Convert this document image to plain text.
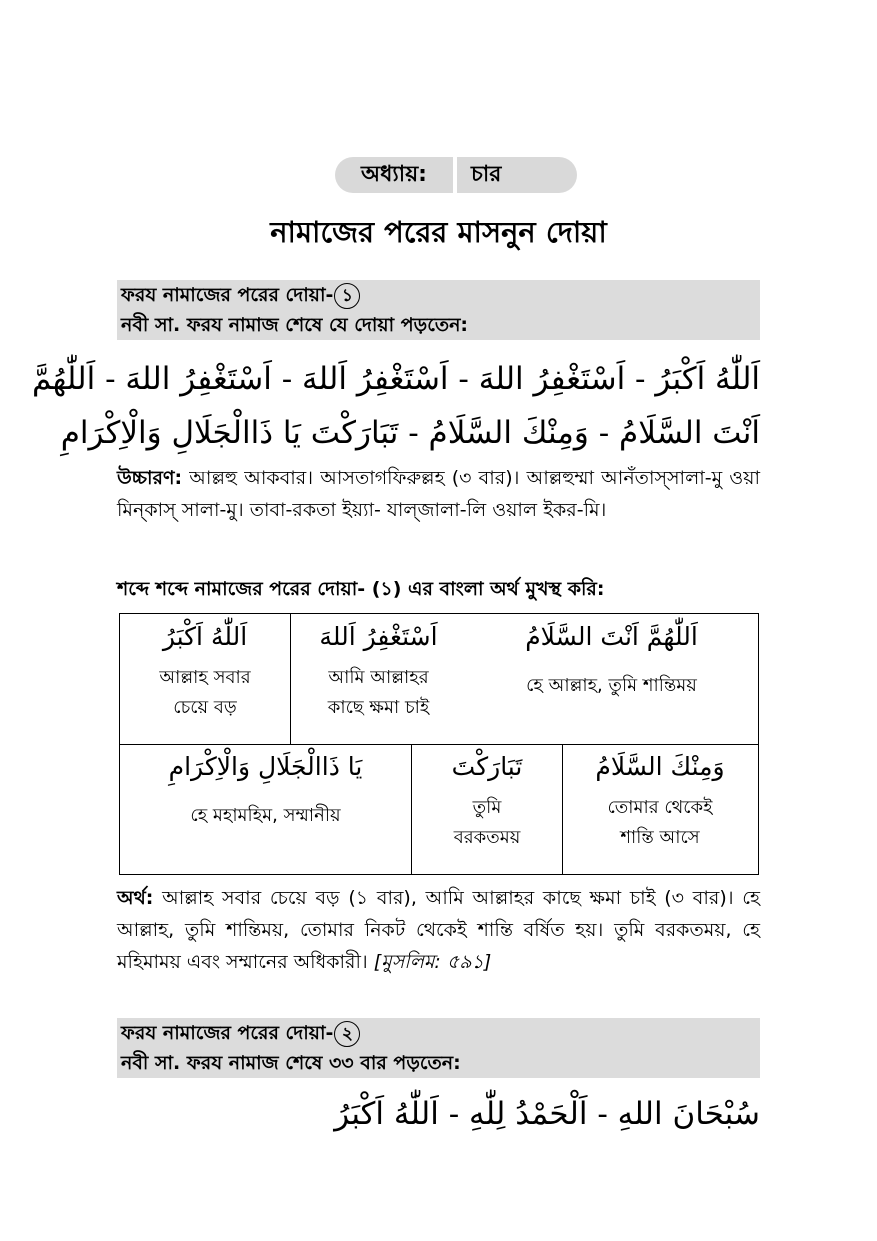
অধ্যায়:	চার
নামাজের পরের মাসনুন দোয়া
ফরয নামাজের পরের দোয়া- ১
নবী সা. ফরয নামাজ শেষে যে দোয়া পড়তেন:
اَللّٰهُ اَكْبَرُ - اَسْتَغْفِرُ اللهَ - اَسْتَغْفِرُ اَللهَ - اَسْتَغْفِرُ اللهَ - اَللّٰهُمَّ
اَنْتَ السَّلَامُ - وَمِنْكَ السَّلَامُ - تَبَارَكْتَ يَا ذَاالْجَلَالِ وَالْاِكْرَامِ
উচ্চারণ: আল্লহু আকবার। আসতাগফিরুল্লহ (৩ বার)। আল্লহুম্মা আনঁতাস্‌সালা-মু ওয়া মিন্‌কাস্‌ সালা-মু। তাবা-রকতা ইয়্যা- যাল্‌জালা-লি ওয়াল ইকর-মি।
শব্দে শব্দে নামাজের পরের দোয়া- (১) এর বাংলা অর্থ মুখস্থ করি:
اَللّٰهُمَّ اَنْتَ السَّلَامُ
হে আল্লাহ, তুমি শান্তিময়
اَسْتَغْفِرُ اَللهَ
আমি আল্লাহর
কাছে ক্ষমা চাই
اَللّٰهُ اَكْبَرُ
আল্লাহ সবার
চেয়ে বড়
يَا ذَاالْجَلَالِ وَالْاِكْرَامِ
হে মহামহিম, সম্মানীয়
تَبَارَكْتَ
তুমি
বরকতময়
وَمِنْكَ السَّلَامُ
তোমার থেকেই
শান্তি আসে
অর্থ: আল্লাহ সবার চেয়ে বড় (১ বার), আমি আল্লাহর কাছে ক্ষমা চাই (৩ বার)। হে আল্লাহ, তুমি শান্তিময়, তোমার নিকট থেকেই শান্তি বর্ষিত হয়। তুমি বরকতময়, হে মহিমাময় এবং সম্মানের অধিকারী। [মুসলিম: ৫৯১]
ফরয নামাজের পরের দোয়া- ২
নবী সা. ফরয নামাজ শেষে ৩৩ বার পড়তেন:
سُبْحَانَ اللهِ - اَلْحَمْدُ لِلّٰهِ - اَللّٰهُ اَكْبَرُ
